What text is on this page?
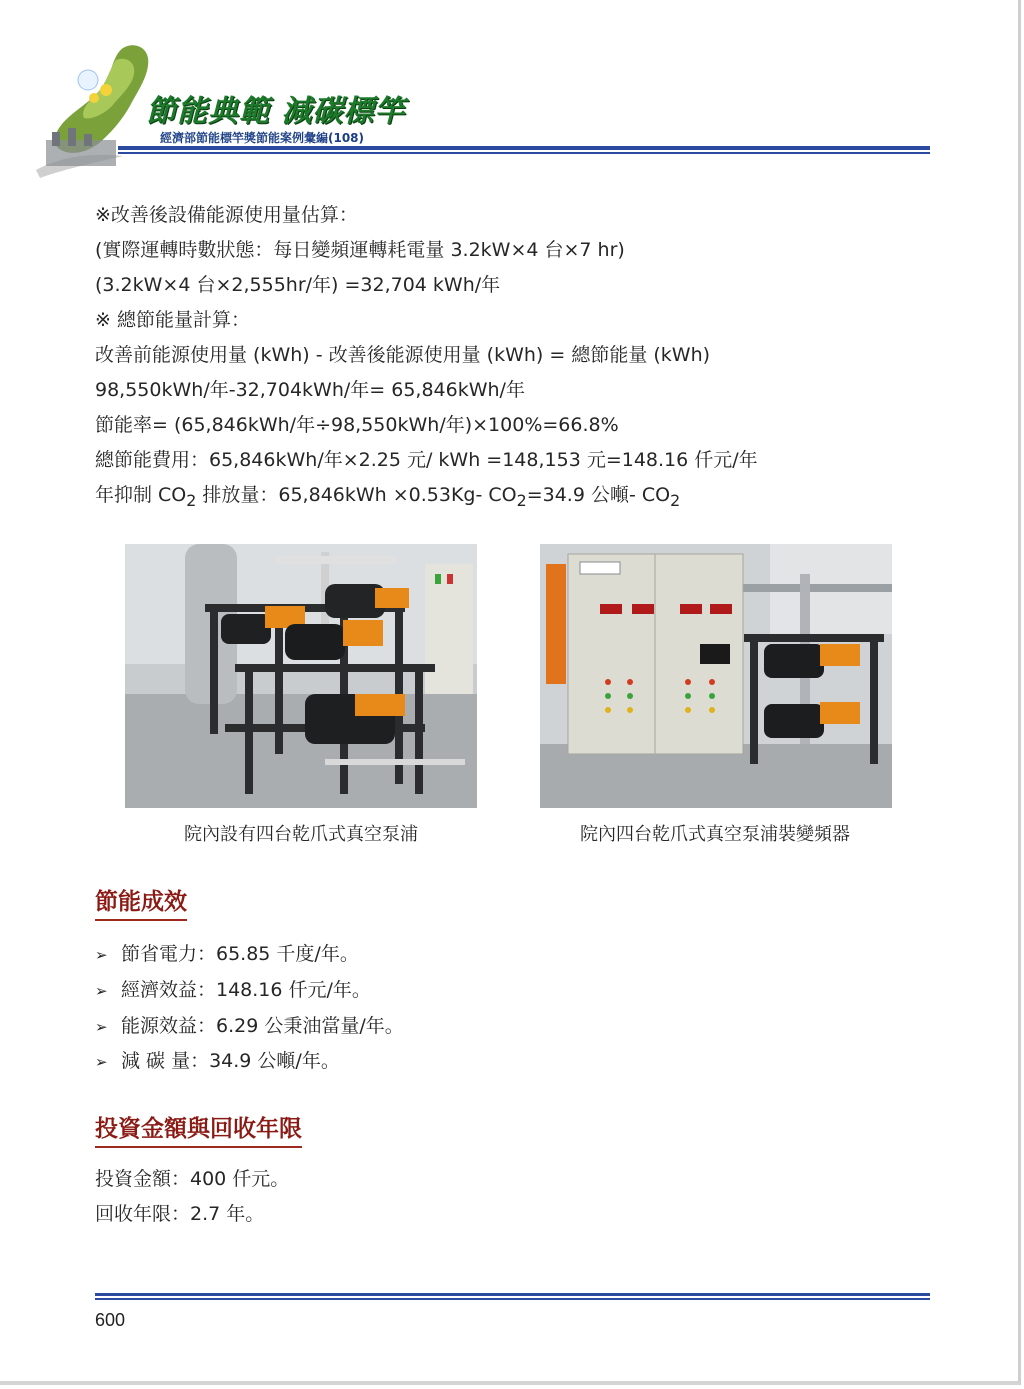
節能典範 減碳標竿
經濟部節能標竿獎節能案例彙編(108)
※改善後設備能源使用量估算：
(實際運轉時數狀態：每日變頻運轉耗電量 3.2kW×4 台×7 hr)
(3.2kW×4 台×2,555hr/年) =32,704 kWh/年
※ 總節能量計算：
改善前能源使用量 (kWh) - 改善後能源使用量 (kWh) = 總節能量 (kWh)
98,550kWh/年-32,704kWh/年= 65,846kWh/年
節能率= (65,846kWh/年÷98,550kWh/年)×100%=66.8%
總節能費用：65,846kWh/年×2.25 元/ kWh =148,153 元=148.16 仟元/年
年抑制 $CO_2$ 排放量：65,846kWh ×0.53Kg- $CO_2=34.9$ 公噸- $CO_2$
院內設有四台乾爪式真空泵浦	院內四台乾爪式真空泵浦裝變頻器
節能成效
➢ 節省電力：65.85 千度/年。
➢ 經濟效益：148.16 仟元/年。
➢ 能源效益：6.29 公秉油當量/年。
➢ 減 碳 量：34.9 公噸/年。
投資金額與回收年限
投資金額：400 仟元。
回收年限：2.7 年。
600
